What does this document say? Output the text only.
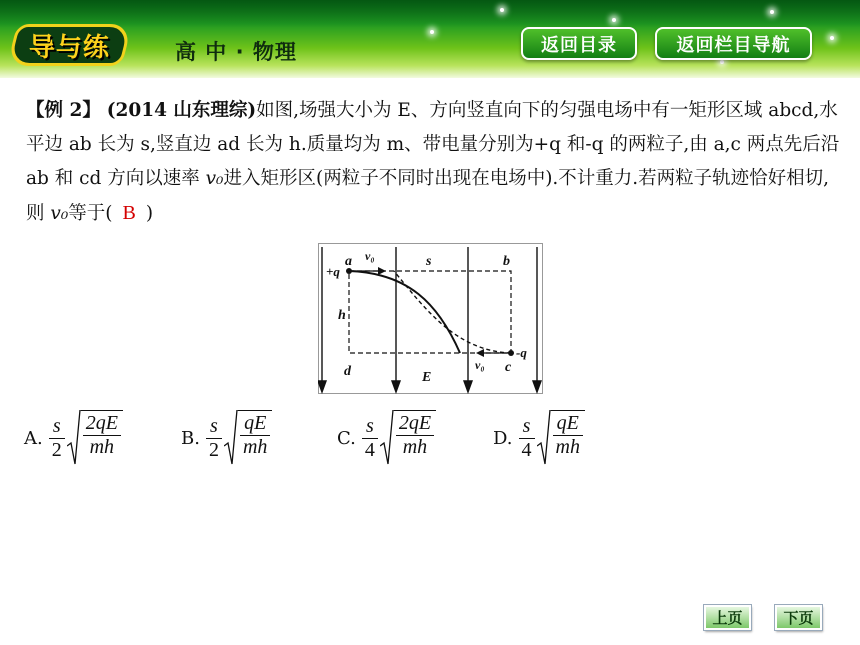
导与练	高 中 · 物理	返回目录	返回栏目导航
【例 2】 (2014 山东理综)如图,场强大小为 E、方向竖直向下的匀强电场中有一矩形区域 abcd,水平边 ab 长为 s,竖直边 ad 长为 h.质量均为 m、带电量分别为+q 和-q 的两粒子,由 a,c 两点先后沿 ab 和 cd 方向以速率 v₀进入矩形区(两粒子不同时出现在电场中).不计重力.若两粒子轨迹恰好相切,则 v₀等于( B )
a	b
c
d
s
h
E
v₀
v₀
+q
-q
A. $\frac{s}{2} \frac{2qE}{mh}$	B. $\frac{s}{2} \frac{qE}{mh}$	C. $\frac{s}{4} \frac{2qE}{mh}$	D. $\frac{s}{4} \frac{qE}{mh}$
上页	下页
